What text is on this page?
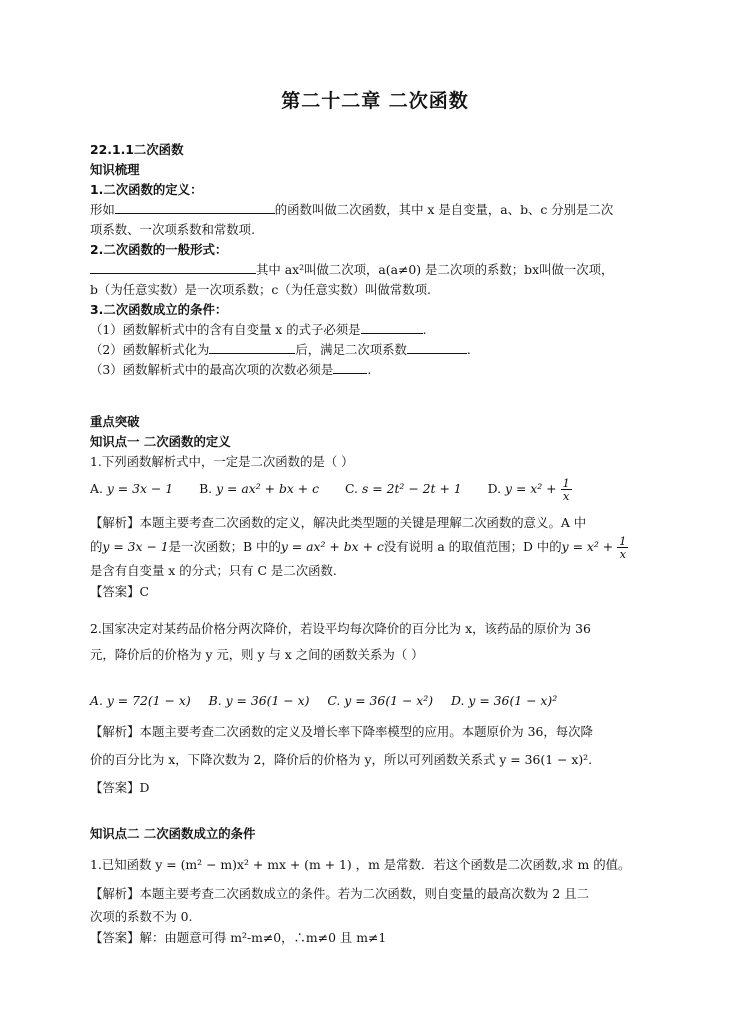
第二十二章 二次函数
22.1.1二次函数
知识梳理
1.二次函数的定义：
形如	的函数叫做二次函数，其中 x 是自变量，a、b、c 分别是二次
项系数、一次项系数和常数项.
2.二次函数的一般形式：
其中 ax²叫做二次项，a(a≠0) 是二次项的系数；bx叫做一次项，
b（为任意实数）是一次项系数；c（为任意实数）叫做常数项.
3.二次函数成立的条件：
（1）函数解析式中的含有自变量 x 的式子必须是	.
（2）函数解析式化为	后，满足二次项系数	.
（3）函数解析式中的最高次项的次数必须是	.
重点突破
知识点一 二次函数的定义
1.下列函数解析式中，一定是二次函数的是（ ）
A. y = 3x − 1 B. y = ax² + bx + c C. s = 2t² − 2t + 1 D. $y = x^2 + \frac{1}{x}$
【解析】本题主要考查二次函数的定义，解决此类型题的关键是理解二次函数的意义。A 中
的y = 3x − 1是一次函数；B 中的y = ax² + bx + c没有说明 a 的取值范围；D 中的$y = x^2 + \frac{1}{x}$
是含有自变量 x 的分式；只有 C 是二次函数.
【答案】C
2.国家决定对某药品价格分两次降价，若设平均每次降价的百分比为 x，该药品的原价为 36
元，降价后的价格为 y 元，则 y 与 x 之间的函数关系为（ ）
A. y = 72(1 − x) B. y = 36(1 − x) C. y = 36(1 − x²) D. y = 36(1 − x)²
【解析】本题主要考查二次函数的定义及增长率下降率模型的应用。本题原价为 36，每次降
价的百分比为 x，下降次数为 2，降价后的价格为 y，所以可列函数关系式 y = 36(1 − x)².
【答案】D
知识点二 二次函数成立的条件
1.已知函数 y = (m² − m)x² + mx + (m + 1) ，m 是常数．若这个函数是二次函数,求 m 的值。
【解析】本题主要考查二次函数成立的条件。若为二次函数，则自变量的最高次数为 2 且二
次项的系数不为 0.
【答案】解：由题意可得 m²-m≠0，∴m≠0 且 m≠1
